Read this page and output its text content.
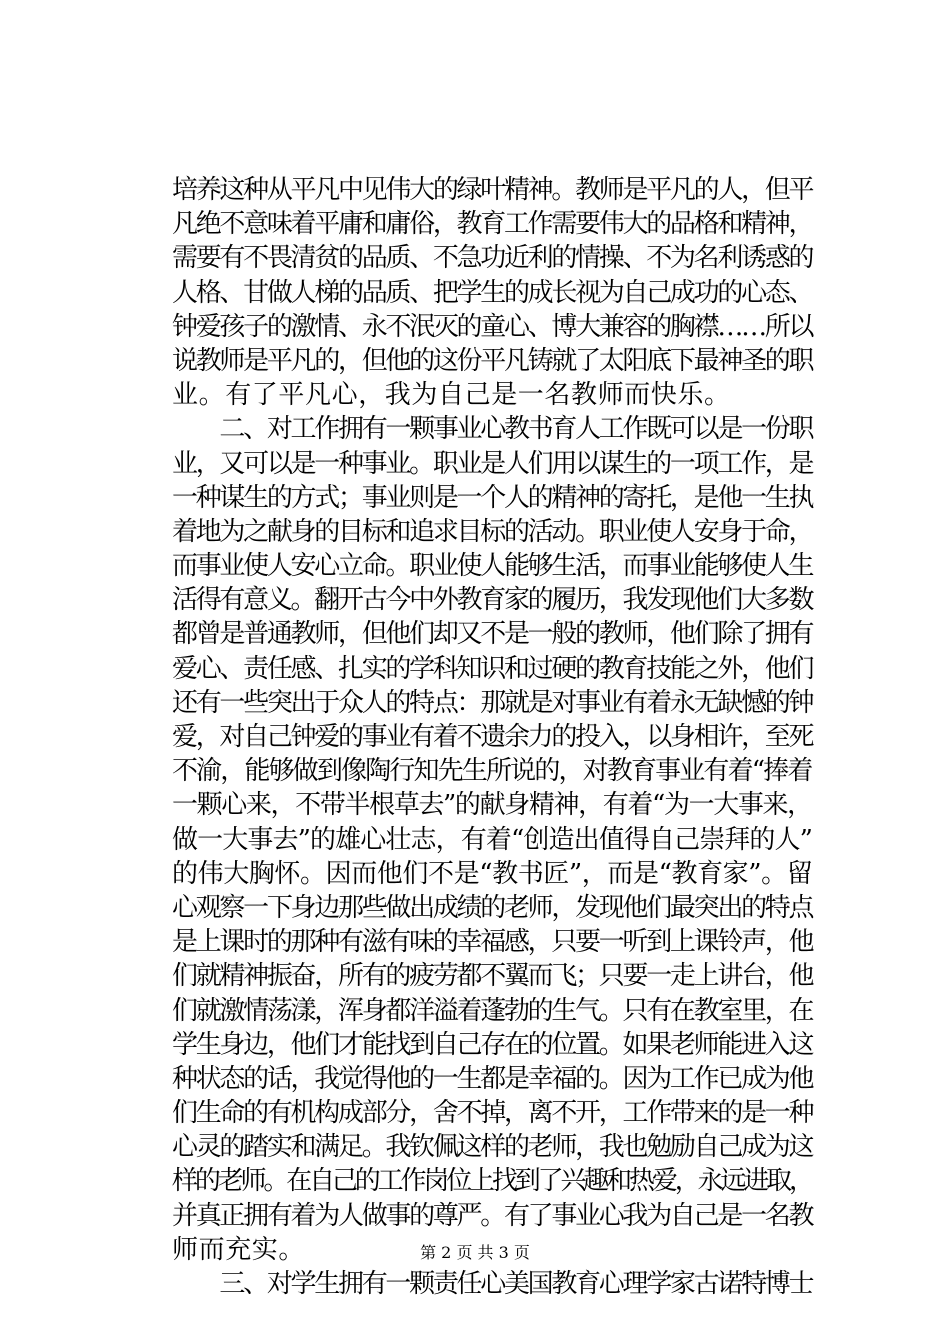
培养这种从平凡中见伟大的绿叶精神。教师是平凡的人，但平
凡绝不意味着平庸和庸俗，教育工作需要伟大的品格和精神，
需要有不畏清贫的品质、不急功近利的情操、不为名利诱惑的
人格、甘做人梯的品质、把学生的成长视为自己成功的心态、
钟爱孩子的激情、永不泯灭的童心、博大兼容的胸襟……所以
说教师是平凡的，但他的这份平凡铸就了太阳底下最神圣的职
业。有了平凡心，我为自己是一名教师而快乐。
　　二、对工作拥有一颗事业心教书育人工作既可以是一份职
业，又可以是一种事业。职业是人们用以谋生的一项工作，是
一种谋生的方式；事业则是一个人的精神的寄托，是他一生执
着地为之献身的目标和追求目标的活动。职业使人安身于命，
而事业使人安心立命。职业使人能够生活，而事业能够使人生
活得有意义。翻开古今中外教育家的履历，我发现他们大多数
都曾是普通教师，但他们却又不是一般的教师，他们除了拥有
爱心、责任感、扎实的学科知识和过硬的教育技能之外，他们
还有一些突出于众人的特点：那就是对事业有着永无缺憾的钟
爱，对自己钟爱的事业有着不遗余力的投入，以身相许，至死
不渝，能够做到像陶行知先生所说的，对教育事业有着“捧着
一颗心来，不带半根草去”的献身精神，有着“为一大事来，
做一大事去”的雄心壮志，有着“创造出值得自己崇拜的人”
的伟大胸怀。因而他们不是“教书匠”，而是“教育家”。留
心观察一下身边那些做出成绩的老师，发现他们最突出的特点
是上课时的那种有滋有味的幸福感，只要一听到上课铃声，他
们就精神振奋，所有的疲劳都不翼而飞；只要一走上讲台，他
们就激情荡漾，浑身都洋溢着蓬勃的生气。只有在教室里，在
学生身边，他们才能找到自己存在的位置。如果老师能进入这
种状态的话，我觉得他的一生都是幸福的。因为工作已成为他
们生命的有机构成部分，舍不掉，离不开，工作带来的是一种
心灵的踏实和满足。我钦佩这样的老师，我也勉励自己成为这
样的老师。在自己的工作岗位上找到了兴趣和热爱，永远进取，
并真正拥有着为人做事的尊严。有了事业心我为自己是一名教
师而充实。
　　三、对学生拥有一颗责任心美国教育心理学家古诺特博士
第 2 页 共 3 页
